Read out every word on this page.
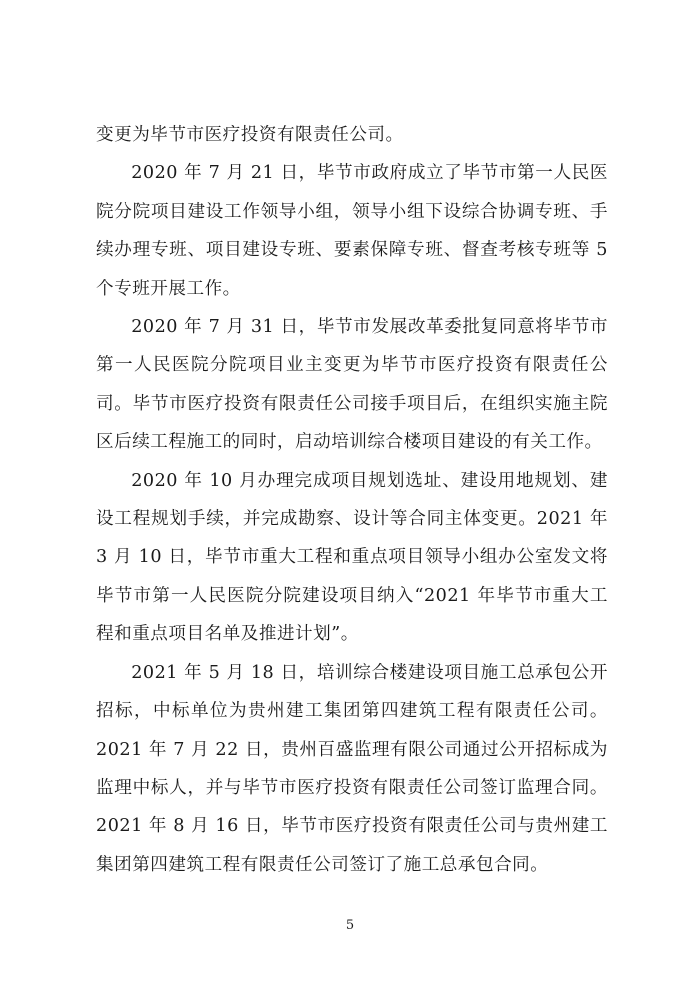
变更为毕节市医疗投资有限责任公司。

2020 年 7 月 21 日，毕节市政府成立了毕节市第一人民医院分院项目建设工作领导小组，领导小组下设综合协调专班、手续办理专班、项目建设专班、要素保障专班、督查考核专班等 5 个专班开展工作。

2020 年 7 月 31 日，毕节市发展改革委批复同意将毕节市第一人民医院分院项目业主变更为毕节市医疗投资有限责任公司。毕节市医疗投资有限责任公司接手项目后，在组织实施主院区后续工程施工的同时，启动培训综合楼项目建设的有关工作。

2020 年 10 月办理完成项目规划选址、建设用地规划、建设工程规划手续，并完成勘察、设计等合同主体变更。2021 年 3 月 10 日，毕节市重大工程和重点项目领导小组办公室发文将毕节市第一人民医院分院建设项目纳入“2021 年毕节市重大工程和重点项目名单及推进计划”。

2021 年 5 月 18 日，培训综合楼建设项目施工总承包公开招标，中标单位为贵州建工集团第四建筑工程有限责任公司。2021 年 7 月 22 日，贵州百盛监理有限公司通过公开招标成为监理中标人，并与毕节市医疗投资有限责任公司签订监理合同。2021 年 8 月 16 日，毕节市医疗投资有限责任公司与贵州建工集团第四建筑工程有限责任公司签订了施工总承包合同。

5
